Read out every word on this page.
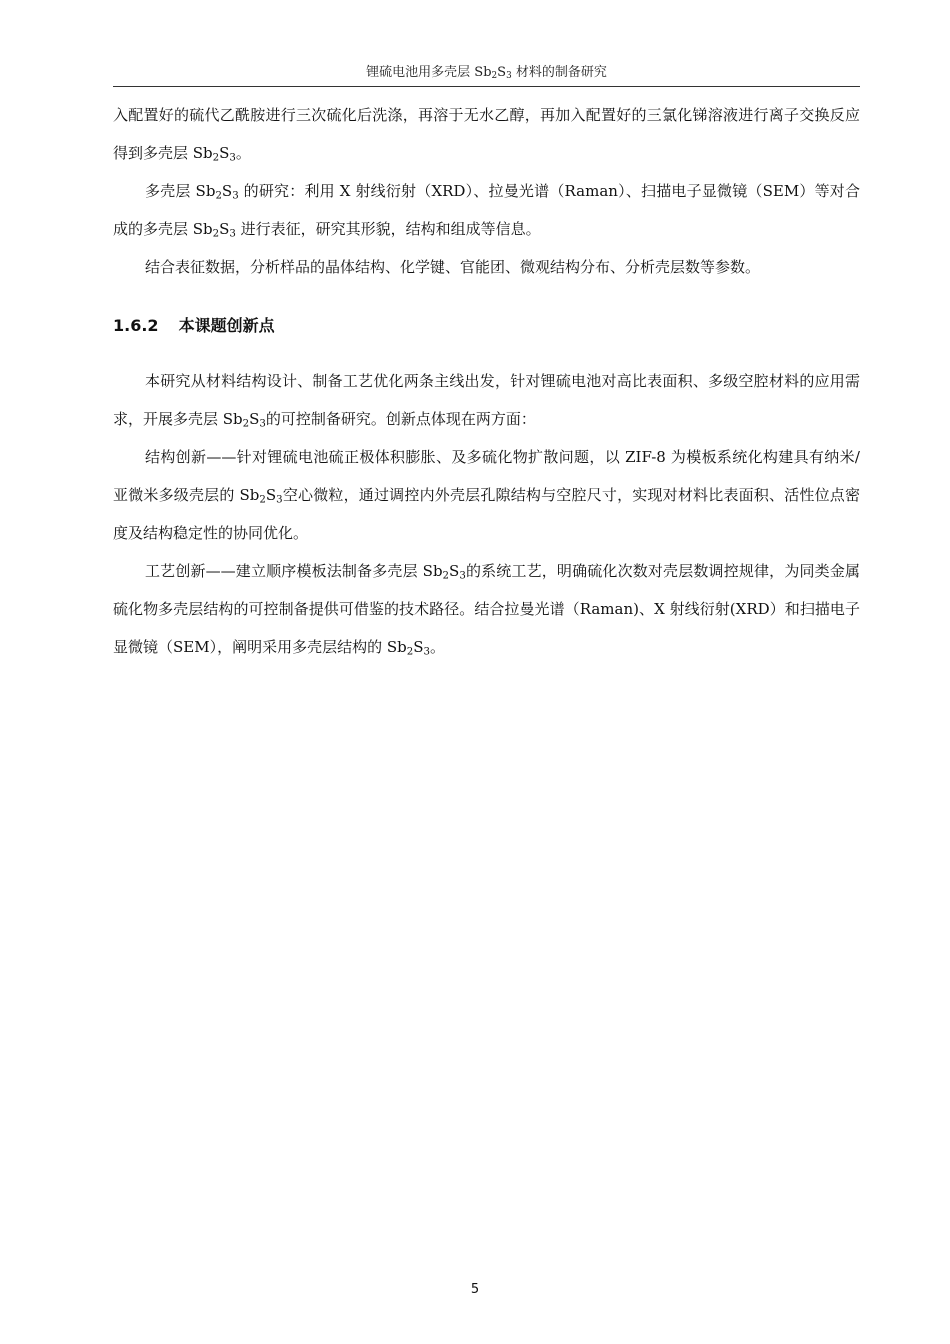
锂硫电池用多壳层 $Sb_2S_3$ 材料的制备研究

入配置好的硫代乙酰胺进行三次硫化后洗涤，再溶于无水乙醇，再加入配置好的三氯化锑溶液进行离子交换反应得到多壳层 $Sb_2S_3$。

多壳层 $Sb_2S_3$ 的研究：利用 X 射线衍射（XRD）、拉曼光谱（Raman）、扫描电子显微镜（SEM）等对合成的多壳层 $Sb_2S_3$ 进行表征，研究其形貌，结构和组成等信息。

结合表征数据，分析样品的晶体结构、化学键、官能团、微观结构分布、分析壳层数等参数。

1.6.2 本课题创新点

本研究从材料结构设计、制备工艺优化两条主线出发，针对锂硫电池对高比表面积、多级空腔材料的应用需求，开展多壳层 $Sb_2S_3$的可控制备研究。创新点体现在两方面：

结构创新——针对锂硫电池硫正极体积膨胀、及多硫化物扩散问题，以 ZIF-8 为模板系统化构建具有纳米/亚微米多级壳层的 $Sb_2S_3$空心微粒，通过调控内外壳层孔隙结构与空腔尺寸，实现对材料比表面积、活性位点密度及结构稳定性的协同优化。

工艺创新——建立顺序模板法制备多壳层 $Sb_2S_3$的系统工艺，明确硫化次数对壳层数调控规律，为同类金属硫化物多壳层结构的可控制备提供可借鉴的技术路径。结合拉曼光谱（Raman)、X 射线衍射(XRD）和扫描电子显微镜（SEM），阐明采用多壳层结构的 $Sb_2S_3$。

5
